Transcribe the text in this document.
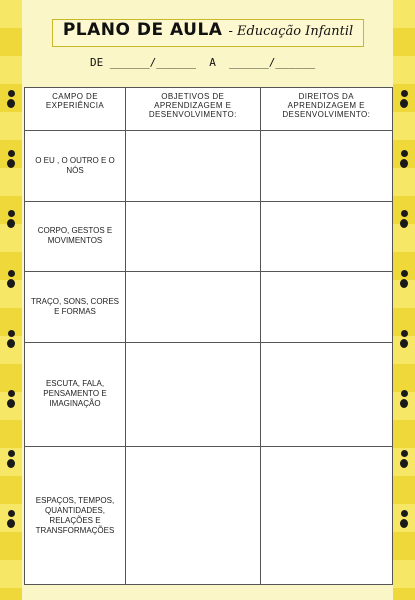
PLANO DE AULA - Educação Infantil
DE ______/______  A  ______/______
CAMPO DE EXPERIÊNCIA	OBJETIVOS DE APRENDIZAGEM E DESENVOLVIMENTO:	DIREITOS DA APRENDIZAGEM E DESENVOLVIMENTO:
O EU , O OUTRO E O NÓS		
CORPO, GESTOS E MOVIMENTOS		
TRAÇO, SONS, CORES E FORMAS		
ESCUTA, FALA, PENSAMENTO E IMAGINAÇÃO		
ESPAÇOS, TEMPOS, QUANTIDADES, RELAÇÕES E TRANSFORMAÇÕES		
